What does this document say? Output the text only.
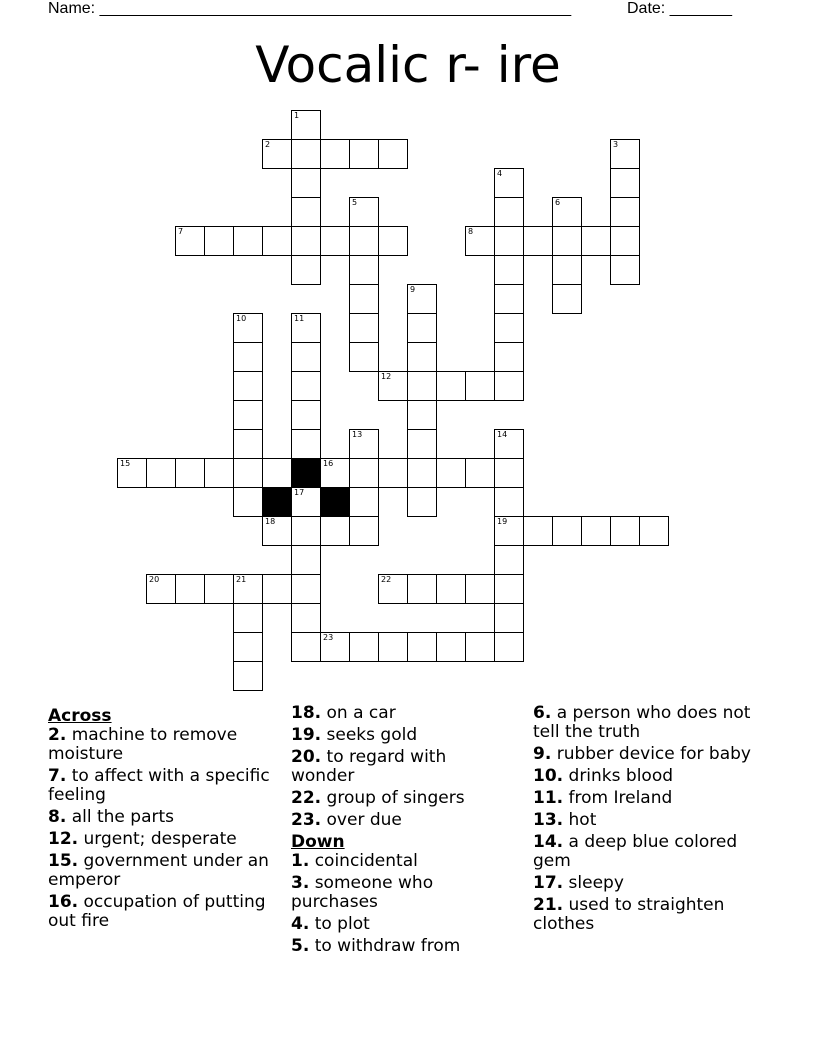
Name: _____________________________________________________	Date: _______
Vocalic r- ire
2
7	8
12
15	16
18	19
20	21	22
23
1
3
4
5	6
9
10	11
13	14
17
Across
2. machine to remove moisture
7. to affect with a specific feeling
8. all the parts
12. urgent; desperate
15. government under an emperor
16. occupation of putting out fire
18. on a car
19. seeks gold
20. to regard with wonder
22. group of singers
23. over due
Down
1. coincidental
3. someone who purchases
4. to plot
5. to withdraw from
6. a person who does not tell the truth
9. rubber device for baby
10. drinks blood
11. from Ireland
13. hot
14. a deep blue colored gem
17. sleepy
21. used to straighten clothes
